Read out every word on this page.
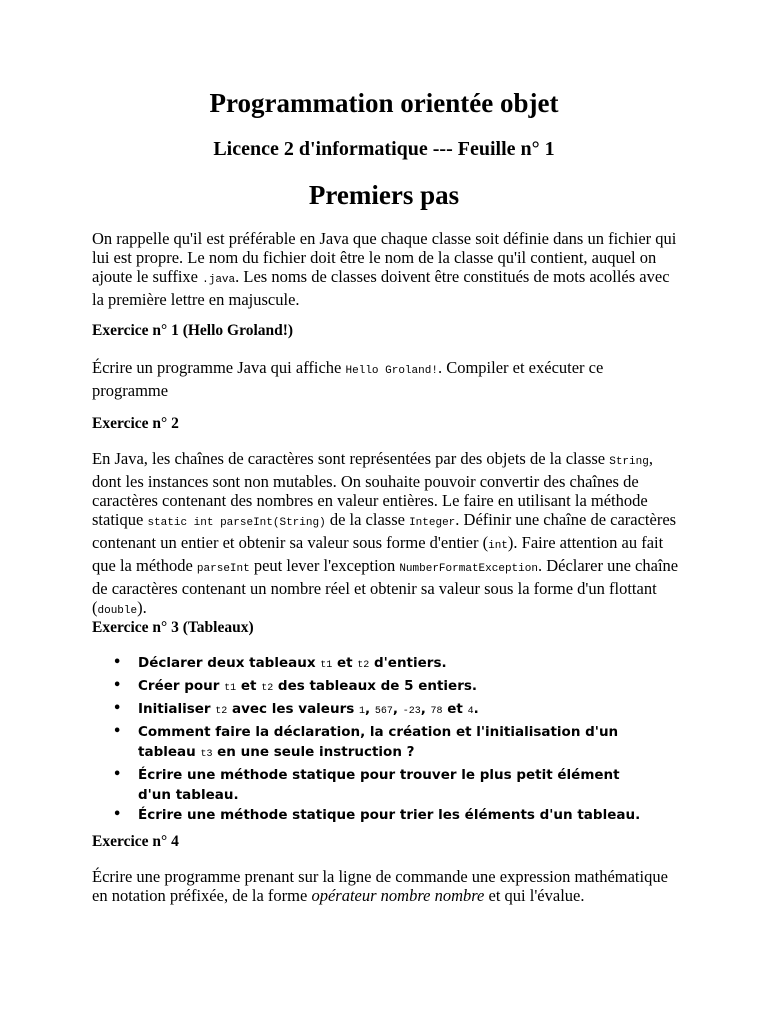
Programmation orientée objet
Licence 2 d'informatique --- Feuille n° 1
Premiers pas

On rappelle qu'il est préférable en Java que chaque classe soit définie dans un fichier qui lui est propre. Le nom du fichier doit être le nom de la classe qu'il contient, auquel on ajoute le suffixe .java. Les noms de classes doivent être constitués de mots acollés avec la première lettre en majuscule.

Exercice n° 1 (Hello Groland!)

Écrire un programme Java qui affiche Hello Groland!. Compiler et exécuter ce programme

Exercice n° 2

En Java, les chaînes de caractères sont représentées par des objets de la classe String, dont les instances sont non mutables. On souhaite pouvoir convertir des chaînes de caractères contenant des nombres en valeur entières. Le faire en utilisant la méthode statique static int parseInt(String) de la classe Integer. Définir une chaîne de caractères contenant un entier et obtenir sa valeur sous forme d'entier (int). Faire attention au fait que la méthode parseInt peut lever l'exception NumberFormatException. Déclarer une chaîne de caractères contenant un nombre réel et obtenir sa valeur sous la forme d'un flottant (double).

Exercice n° 3 (Tableaux)

• Déclarer deux tableaux t1 et t2 d'entiers.
• Créer pour t1 et t2 des tableaux de 5 entiers.
• Initialiser t2 avec les valeurs 1, 567, -23, 78 et 4.
• Comment faire la déclaration, la création et l'initialisation d'un tableau t3 en une seule instruction ?
• Écrire une méthode statique pour trouver le plus petit élément d'un tableau.
• Écrire une méthode statique pour trier les éléments d'un tableau.

Exercice n° 4

Écrire une programme prenant sur la ligne de commande une expression mathématique en notation préfixée, de la forme opérateur nombre nombre et qui l'évalue.
